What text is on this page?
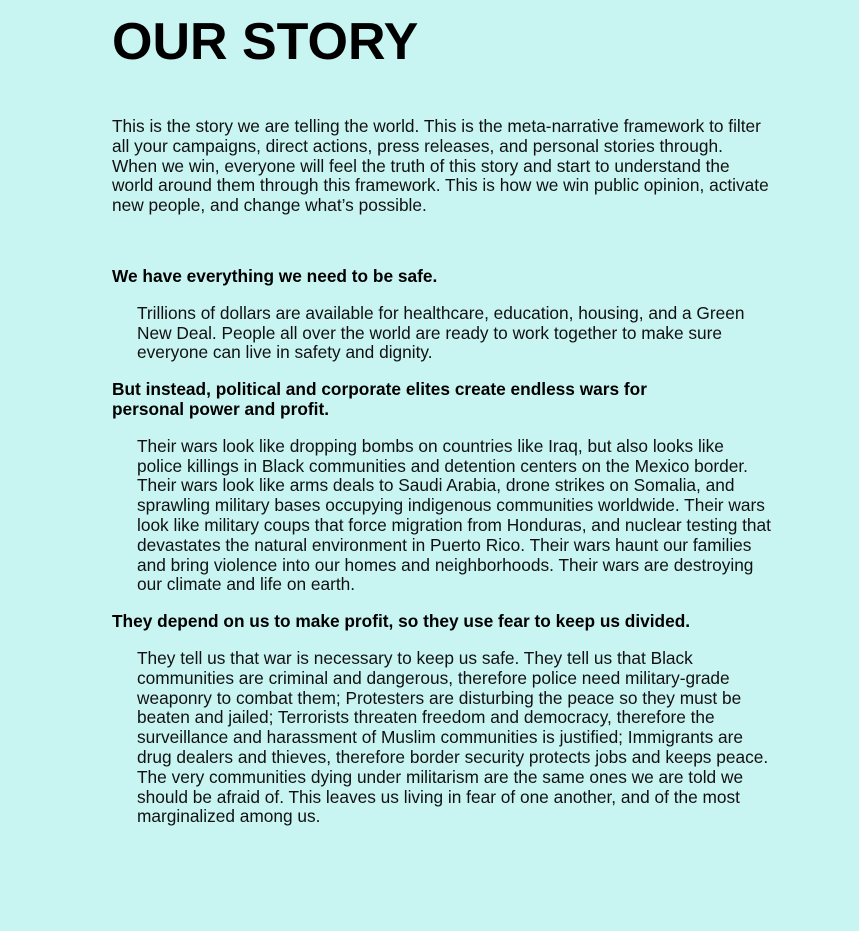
OUR STORY

This is the story we are telling the world. This is the meta-narrative framework to filter all your campaigns, direct actions, press releases, and personal stories through. When we win, everyone will feel the truth of this story and start to understand the world around them through this framework. This is how we win public opinion, activate new people, and change what’s possible.

We have everything we need to be safe.

Trillions of dollars are available for healthcare, education, housing, and a Green New Deal. People all over the world are ready to work together to make sure everyone can live in safety and dignity.

But instead, political and corporate elites create endless wars for personal power and profit.

Their wars look like dropping bombs on countries like Iraq, but also looks like police killings in Black communities and detention centers on the Mexico border. Their wars look like arms deals to Saudi Arabia, drone strikes on Somalia, and sprawling military bases occupying indigenous communities worldwide. Their wars look like military coups that force migration from Honduras, and nuclear testing that devastates the natural environment in Puerto Rico. Their wars haunt our families and bring violence into our homes and neighborhoods. Their wars are destroying our climate and life on earth.

They depend on us to make profit, so they use fear to keep us divided.

They tell us that war is necessary to keep us safe. They tell us that Black communities are criminal and dangerous, therefore police need military-grade weaponry to combat them; Protesters are disturbing the peace so they must be beaten and jailed; Terrorists threaten freedom and democracy, therefore the surveillance and harassment of Muslim communities is justified; Immigrants are drug dealers and thieves, therefore border security protects jobs and keeps peace. The very communities dying under militarism are the same ones we are told we should be afraid of. This leaves us living in fear of one another, and of the most marginalized among us.
